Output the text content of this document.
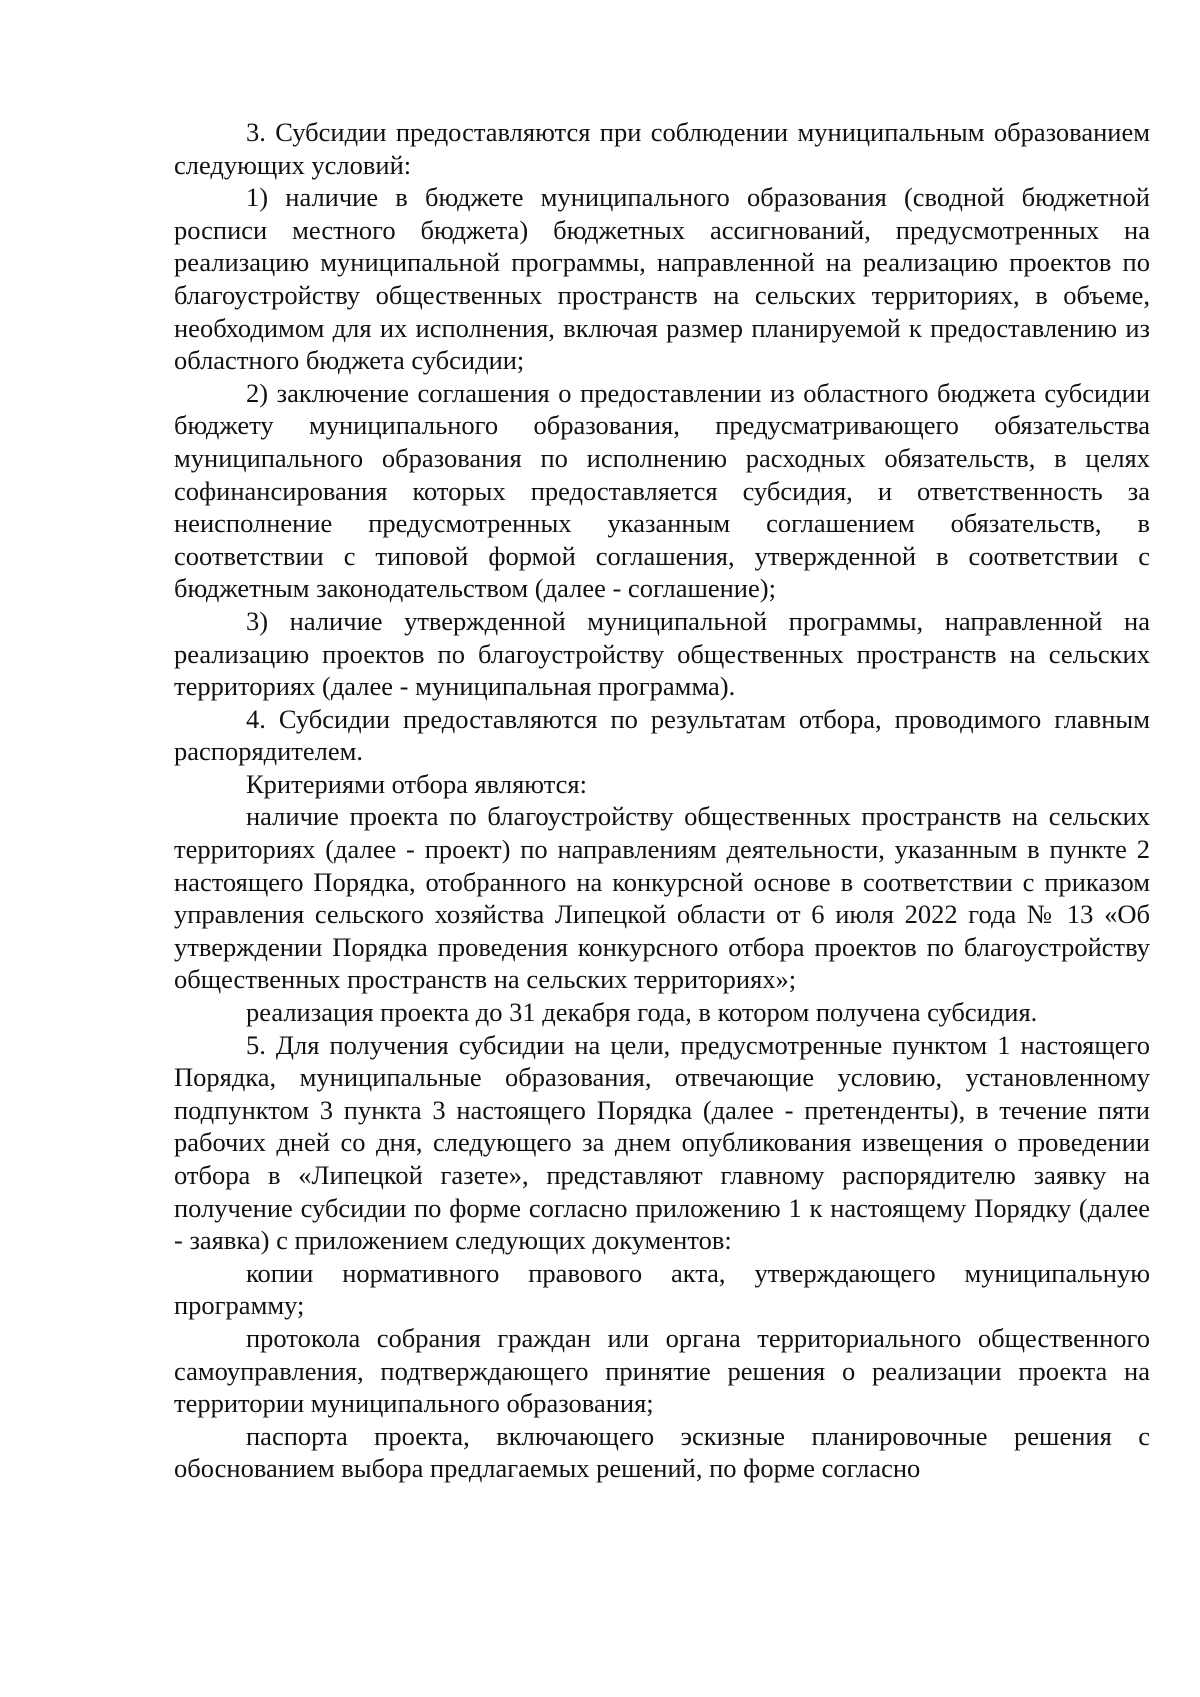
3. Субсидии предоставляются при соблюдении муниципальным образованием следующих условий:

1) наличие в бюджете муниципального образования (сводной бюджетной росписи местного бюджета) бюджетных ассигнований, предусмотренных на реализацию муниципальной программы, направленной на реализацию проектов по благоустройству общественных пространств на сельских территориях, в объеме, необходимом для их исполнения, включая размер планируемой к предоставлению из областного бюджета субсидии;

2) заключение соглашения о предоставлении из областного бюджета субсидии бюджету муниципального образования, предусматривающего обязательства муниципального образования по исполнению расходных обязательств, в целях софинансирования которых предоставляется субсидия, и ответственность за неисполнение предусмотренных указанным соглашением обязательств, в соответствии с типовой формой соглашения, утвержденной в соответствии с бюджетным законодательством (далее - соглашение);

3) наличие утвержденной муниципальной программы, направленной на реализацию проектов по благоустройству общественных пространств на сельских территориях (далее - муниципальная программа).

4. Субсидии предоставляются по результатам отбора, проводимого главным распорядителем.

Критериями отбора являются:

наличие проекта по благоустройству общественных пространств на сельских территориях (далее - проект) по направлениям деятельности, указанным в пункте 2 настоящего Порядка, отобранного на конкурсной основе в соответствии с приказом управления сельского хозяйства Липецкой области от 6 июля 2022 года № 13 «Об утверждении Порядка проведения конкурсного отбора проектов по благоустройству общественных пространств на сельских территориях»;

реализация проекта до 31 декабря года, в котором получена субсидия.

5. Для получения субсидии на цели, предусмотренные пунктом 1 настоящего Порядка, муниципальные образования, отвечающие условию, установленному подпунктом 3 пункта 3 настоящего Порядка (далее - претенденты), в течение пяти рабочих дней со дня, следующего за днем опубликования извещения о проведении отбора в «Липецкой газете», представляют главному распорядителю заявку на получение субсидии по форме согласно приложению 1 к настоящему Порядку (далее - заявка) с приложением следующих документов:

копии нормативного правового акта, утверждающего муниципальную программу;

протокола собрания граждан или органа территориального общественного самоуправления, подтверждающего принятие решения о реализации проекта на территории муниципального образования;

паспорта проекта, включающего эскизные планировочные решения с обоснованием выбора предлагаемых решений, по форме согласно
